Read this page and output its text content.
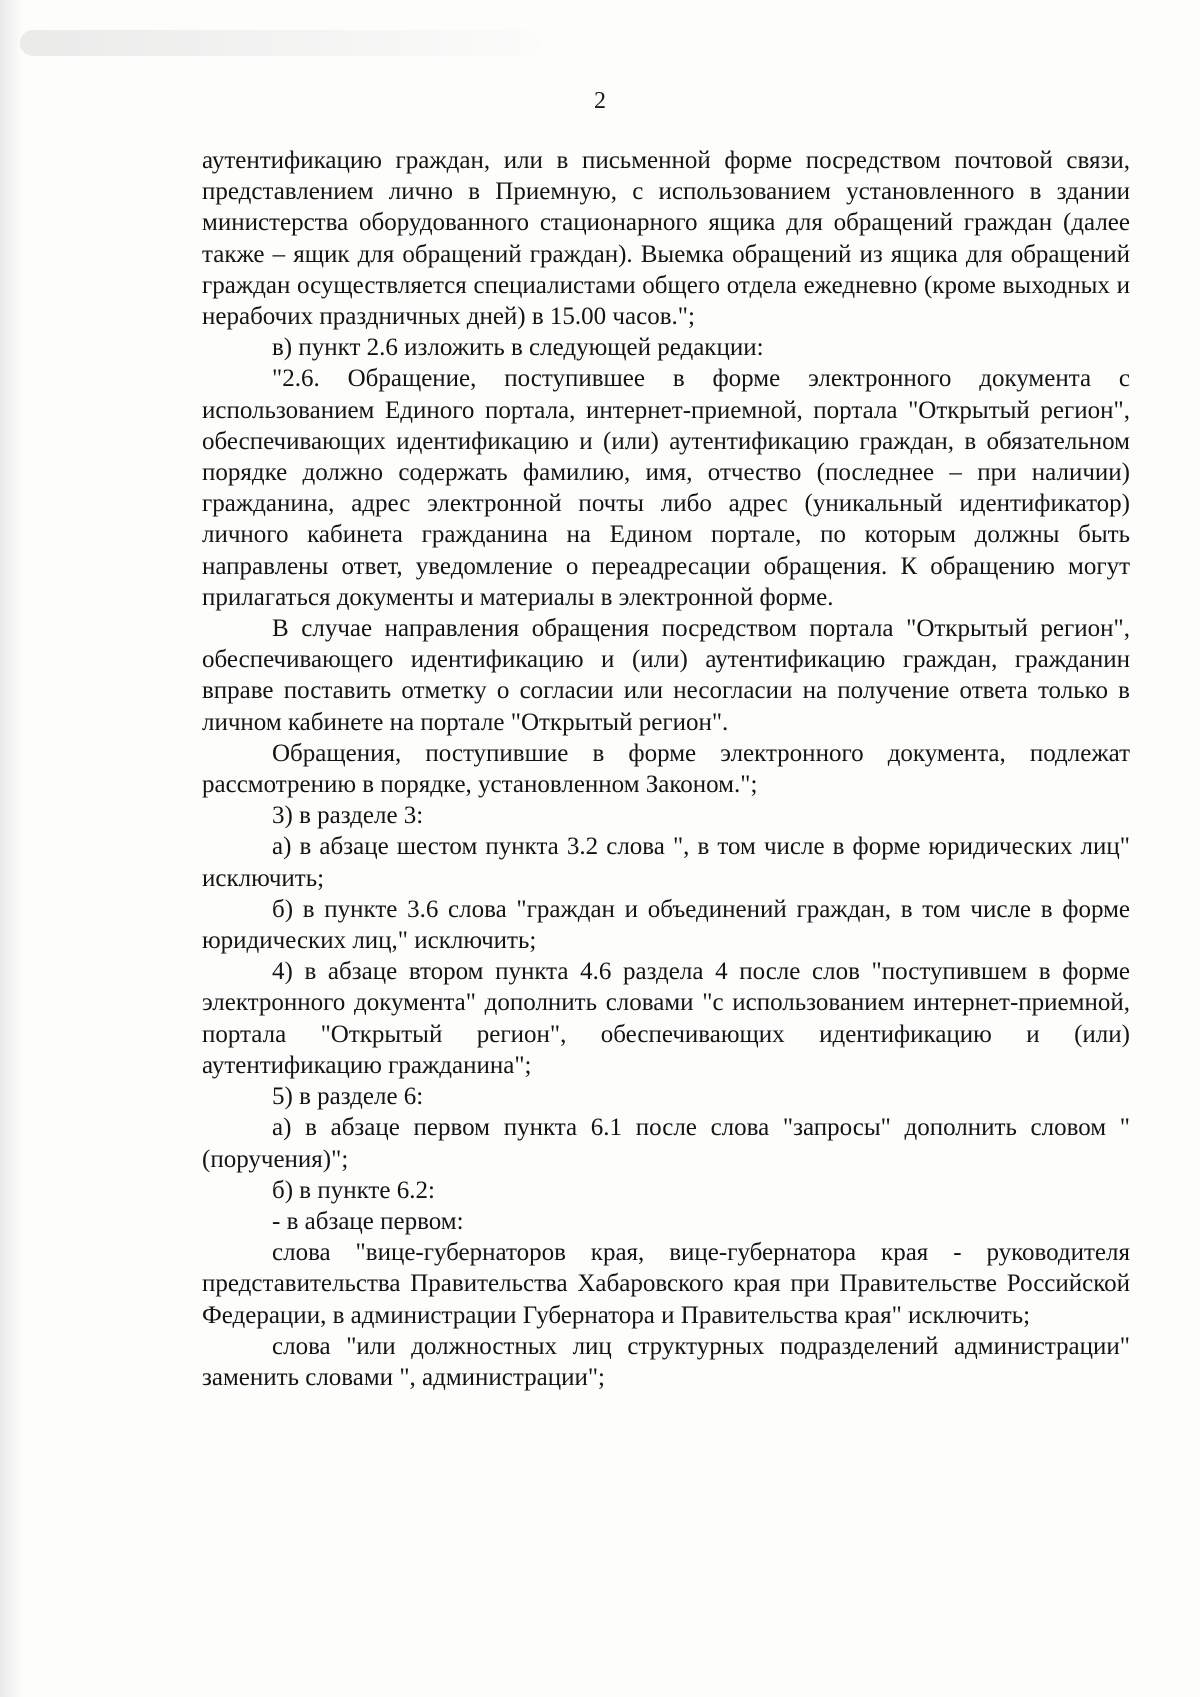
2

аутентификацию граждан, или в письменной форме посредством почтовой связи, представлением лично в Приемную, с использованием установленного в здании министерства оборудованного стационарного ящика для обращений граждан (далее также – ящик для обращений граждан). Выемка обращений из ящика для обращений граждан осуществляется специалистами общего отдела ежедневно (кроме выходных и нерабочих праздничных дней) в 15.00 часов.";

в) пункт 2.6 изложить в следующей редакции:

"2.6. Обращение, поступившее в форме электронного документа с использованием Единого портала, интернет-приемной, портала "Открытый регион", обеспечивающих идентификацию и (или) аутентификацию граждан, в обязательном порядке должно содержать фамилию, имя, отчество (последнее – при наличии) гражданина, адрес электронной почты либо адрес (уникальный идентификатор) личного кабинета гражданина на Едином портале, по которым должны быть направлены ответ, уведомление о переадресации обращения. К обращению могут прилагаться документы и материалы в электронной форме.

В случае направления обращения посредством портала "Открытый регион", обеспечивающего идентификацию и (или) аутентификацию граждан, гражданин вправе поставить отметку о согласии или несогласии на получение ответа только в личном кабинете на портале "Открытый регион".

Обращения, поступившие в форме электронного документа, подлежат рассмотрению в порядке, установленном Законом.";

3) в разделе 3:

а) в абзаце шестом пункта 3.2 слова ", в том числе в форме юридических лиц" исключить;

б) в пункте 3.6 слова "граждан и объединений граждан, в том числе в форме юридических лиц," исключить;

4) в абзаце втором пункта 4.6 раздела 4 после слов "поступившем в форме электронного документа" дополнить словами "с использованием интернет-приемной, портала "Открытый регион", обеспечивающих идентификацию и (или) аутентификацию гражданина";

5) в разделе 6:

а) в абзаце первом пункта 6.1 после слова "запросы" дополнить словом "(поручения)";

б) в пункте 6.2:

- в абзаце первом:

слова "вице-губернаторов края, вице-губернатора края - руководителя представительства Правительства Хабаровского края при Правительстве Российской Федерации, в администрации Губернатора и Правительства края" исключить;

слова "или должностных лиц структурных подразделений администрации" заменить словами ", администрации";
